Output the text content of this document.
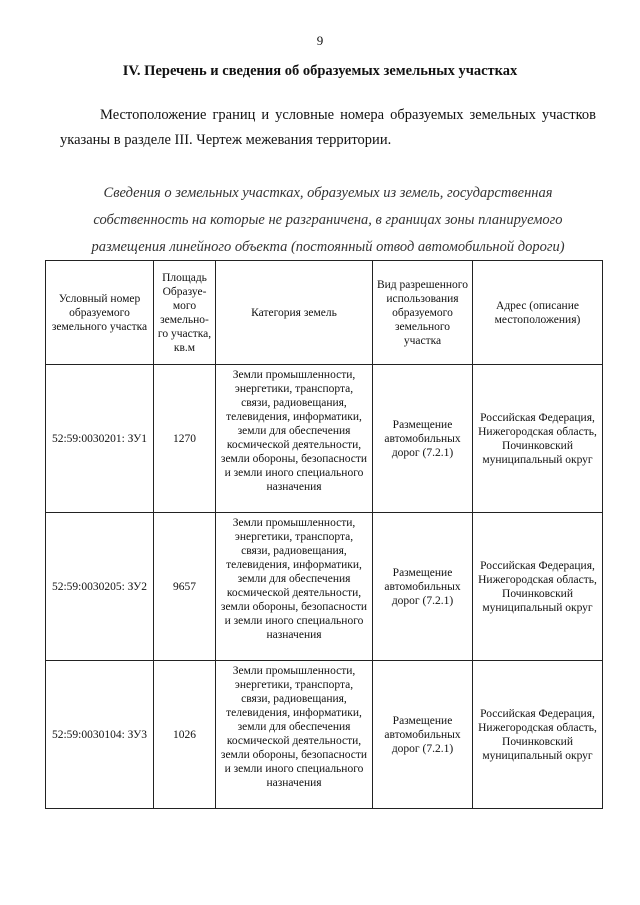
9
IV. Перечень и сведения об образуемых земельных участках
Местоположение границ и условные номера образуемых земельных участков указаны в разделе III. Чертеж межевания территории.
Сведения о земельных участках, образуемых из земель, государственная собственность на которые не разграничена, в границах зоны планируемого размещения линейного объекта (постоянный отвод автомобильной дороги)
Условный номер образуемого земельного участка	Площадь Образуе-мого земельно-го участка, кв.м	Категория земель	Вид разрешенного использования образуемого земельного участка	Адрес (описание местоположения)
52:59:0030201: ЗУ1	1270	Земли промышленности, энергетики, транспорта, связи, радиовещания, телевидения, информатики, земли для обеспечения космической деятельности, земли обороны, безопасности и земли иного специального назначения	Размещение автомобильных дорог (7.2.1)	Российская Федерация, Нижегородская область, Починковский муниципальный округ
52:59:0030205: ЗУ2	9657	Земли промышленности, энергетики, транспорта, связи, радиовещания, телевидения, информатики, земли для обеспечения космической деятельности, земли обороны, безопасности и земли иного специального назначения	Размещение автомобильных дорог (7.2.1)	Российская Федерация, Нижегородская область, Починковский муниципальный округ
52:59:0030104: ЗУ3	1026	Земли промышленности, энергетики, транспорта, связи, радиовещания, телевидения, информатики, земли для обеспечения космической деятельности, земли обороны, безопасности и земли иного специального назначения	Размещение автомобильных дорог (7.2.1)	Российская Федерация, Нижегородская область, Починковский муниципальный округ
